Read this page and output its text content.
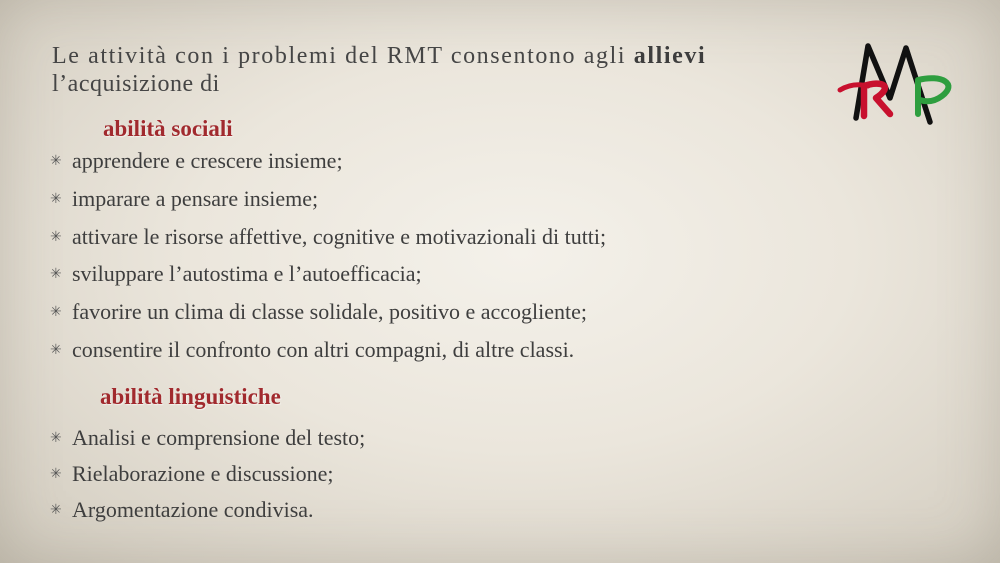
Le attività con i problemi del RMT consentono agli allievi
l’acquisizione di
abilità sociali
✳ apprendere e crescere insieme;
✳ imparare a pensare insieme;
✳ attivare le risorse affettive, cognitive e motivazionali di tutti;
✳ sviluppare l’autostima e l’autoefficacia;
✳ favorire un clima di classe solidale, positivo e accogliente;
✳ consentire il confronto con altri compagni, di altre classi.
abilità linguistiche
✳ Analisi e comprensione del testo;
✳ Rielaborazione e discussione;
✳ Argomentazione condivisa.
